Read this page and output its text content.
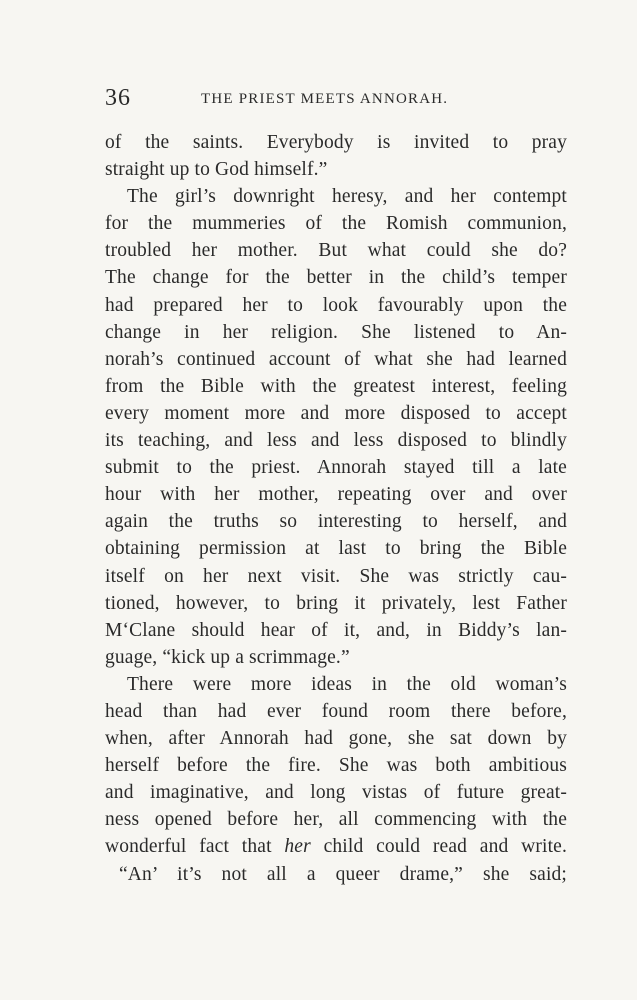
36	THE PRIEST MEETS ANNORAH.
of the saints. Everybody is invited to pray
straight up to God himself.”
The girl’s downright heresy, and her contempt
for the mummeries of the Romish communion,
troubled her mother. But what could she do?
The change for the better in the child’s temper
had prepared her to look favourably upon the
change in her religion. She listened to An-
norah’s continued account of what she had learned
from the Bible with the greatest interest, feeling
every moment more and more disposed to accept
its teaching, and less and less disposed to blindly
submit to the priest. Annorah stayed till a late
hour with her mother, repeating over and over
again the truths so interesting to herself, and
obtaining permission at last to bring the Bible
itself on her next visit. She was strictly cau-
tioned, however, to bring it privately, lest Father
M‘Clane should hear of it, and, in Biddy’s lan-
guage, “kick up a scrimmage.”
There were more ideas in the old woman’s
head than had ever found room there before,
when, after Annorah had gone, she sat down by
herself before the fire. She was both ambitious
and imaginative, and long vistas of future great-
ness opened before her, all commencing with the
wonderful fact that her child could read and write.
“An’ it’s not all a queer drame,” she said;
